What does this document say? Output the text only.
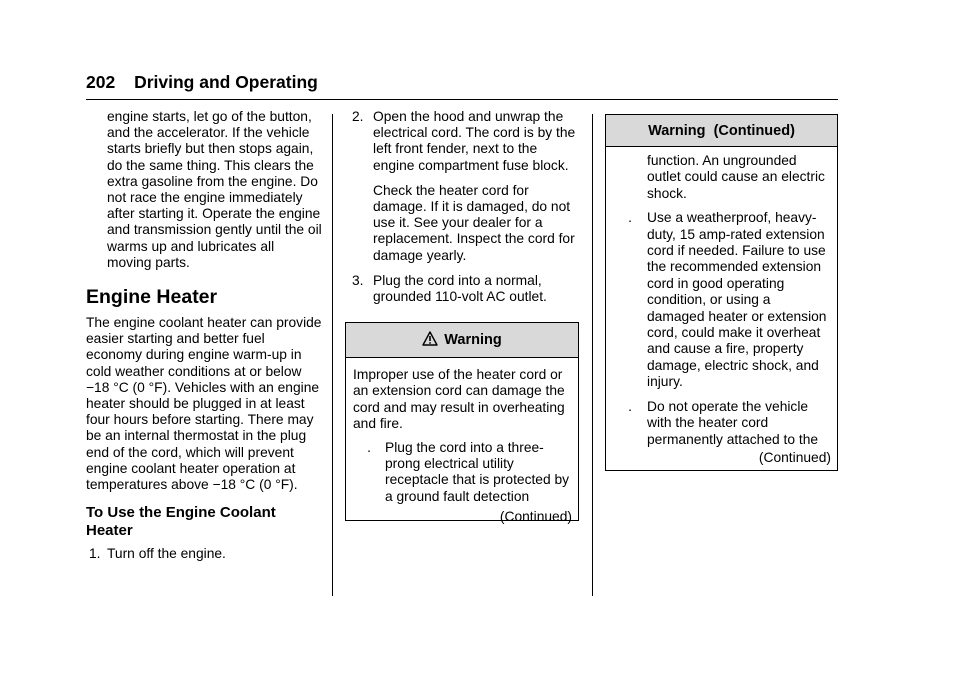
202 Driving and Operating

engine starts, let go of the button, and the accelerator. If the vehicle starts briefly but then stops again, do the same thing. This clears the extra gasoline from the engine. Do not race the engine immediately after starting it. Operate the engine and transmission gently until the oil warms up and lubricates all moving parts.

Engine Heater

The engine coolant heater can provide easier starting and better fuel economy during engine warm-up in cold weather conditions at or below −18 °C (0 °F). Vehicles with an engine heater should be plugged in at least four hours before starting. There may be an internal thermostat in the plug end of the cord, which will prevent engine coolant heater operation at temperatures above −18 °C (0 °F).

To Use the Engine Coolant Heater

1. Turn off the engine.
2. Open the hood and unwrap the electrical cord. The cord is by the left front fender, next to the engine compartment fuse block.

Check the heater cord for damage. If it is damaged, do not use it. See your dealer for a replacement. Inspect the cord for damage yearly.

3. Plug the cord into a normal, grounded 110-volt AC outlet.
Warning

Improper use of the heater cord or an extension cord can damage the cord and may result in overheating and fire.

.	Plug the cord into a three-prong electrical utility receptacle that is protected by a ground fault detection

(Continued)

Warning  (Continued)

function. An ungrounded outlet could cause an electric shock.

.	Use a weatherproof, heavy-duty, 15 amp-rated extension cord if needed. Failure to use the recommended extension cord in good operating condition, or using a damaged heater or extension cord, could make it overheat and cause a fire, property damage, electric shock, and injury.
.	Do not operate the vehicle with the heater cord permanently attached to the

(Continued)
